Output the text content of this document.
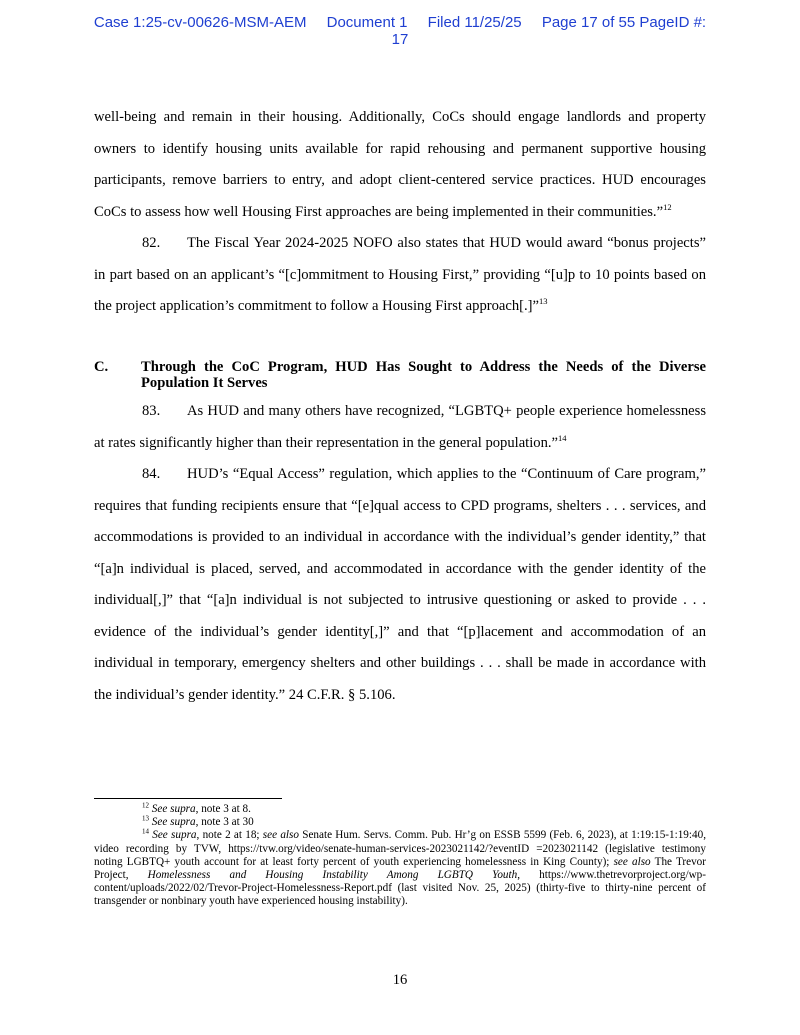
Case 1:25-cv-00626-MSM-AEM Document 1 Filed 11/25/25 Page 17 of 55 PageID #:
17

well-being and remain in their housing. Additionally, CoCs should engage landlords and property owners to identify housing units available for rapid rehousing and permanent supportive housing participants, remove barriers to entry, and adopt client-centered service practices. HUD encourages CoCs to assess how well Housing First approaches are being implemented in their communities.”$^{12}$

82. The Fiscal Year 2024-2025 NOFO also states that HUD would award “bonus projects” in part based on an applicant’s “[c]ommitment to Housing First,” providing “[u]p to 10 points based on the project application’s commitment to follow a Housing First approach[.]”$^{13}$

C. Through the CoC Program, HUD Has Sought to Address the Needs of the Diverse Population It Serves

83. As HUD and many others have recognized, “LGBTQ+ people experience homelessness at rates significantly higher than their representation in the general population.”$^{14}$

84. HUD’s “Equal Access” regulation, which applies to the “Continuum of Care program,” requires that funding recipients ensure that “[e]qual access to CPD programs, shelters . . . services, and accommodations is provided to an individual in accordance with the individual’s gender identity,” that “[a]n individual is placed, served, and accommodated in accordance with the gender identity of the individual[,]” that “[a]n individual is not subjected to intrusive questioning or asked to provide . . . evidence of the individual’s gender identity[,]” and that “[p]lacement and accommodation of an individual in temporary, emergency shelters and other buildings . . . shall be made in accordance with the individual’s gender identity.” 24 C.F.R. § 5.106.

$^{12}$ See supra, note 3 at 8.

$^{13}$ See supra, note 3 at 30

$^{14}$ See supra, note 2 at 18; see also Senate Hum. Servs. Comm. Pub. Hr’g on ESSB 5599 (Feb. 6, 2023), at 1:19:15-1:19:40, video recording by TVW, https://tvw.org/video/senate-human-services-2023021142/?eventID =2023021142 (legislative testimony noting LGBTQ+ youth account for at least forty percent of youth experiencing homelessness in King County); see also The Trevor Project, Homelessness and Housing Instability Among LGBTQ Youth, https://www.thetrevorproject.org/wp-content/uploads/2022/02/Trevor-Project-Homelessness-Report.pdf (last visited Nov. 25, 2025) (thirty-five to thirty-nine percent of transgender or nonbinary youth have experienced housing instability).

16
